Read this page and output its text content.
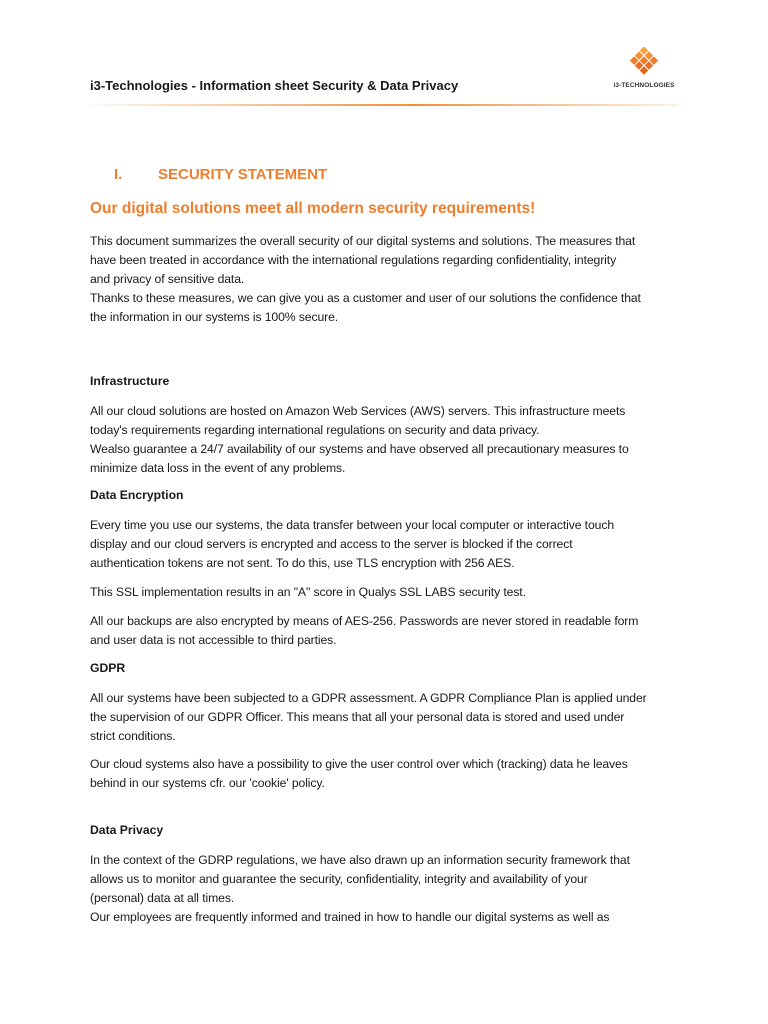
i3-Technologies - Information sheet Security & Data Privacy	i3-TECHNOLOGIES
I. SECURITY STATEMENT
Our digital solutions meet all modern security requirements!
This document summarizes the overall security of our digital systems and solutions. The measures that
have been treated in accordance with the international regulations regarding confidentiality, integrity
and privacy of sensitive data.
Thanks to these measures, we can give you as a customer and user of our solutions the confidence that
the information in our systems is 100% secure.
Infrastructure
All our cloud solutions are hosted on Amazon Web Services (AWS) servers. This infrastructure meets
today's requirements regarding international regulations on security and data privacy.
Wealso guarantee a 24/7 availability of our systems and have observed all precautionary measures to
minimize data loss in the event of any problems.
Data Encryption
Every time you use our systems, the data transfer between your local computer or interactive touch
display and our cloud servers is encrypted and access to the server is blocked if the correct
authentication tokens are not sent. To do this, use TLS encryption with 256 AES.
This SSL implementation results in an "A" score in Qualys SSL LABS security test.
All our backups are also encrypted by means of AES-256. Passwords are never stored in readable form
and user data is not accessible to third parties.
GDPR
All our systems have been subjected to a GDPR assessment. A GDPR Compliance Plan is applied under
the supervision of our GDPR Officer. This means that all your personal data is stored and used under
strict conditions.
Our cloud systems also have a possibility to give the user control over which (tracking) data he leaves
behind in our systems cfr. our 'cookie' policy.
Data Privacy
In the context of the GDRP regulations, we have also drawn up an information security framework that
allows us to monitor and guarantee the security, confidentiality, integrity and availability of your
(personal) data at all times.
Our employees are frequently informed and trained in how to handle our digital systems as well as
